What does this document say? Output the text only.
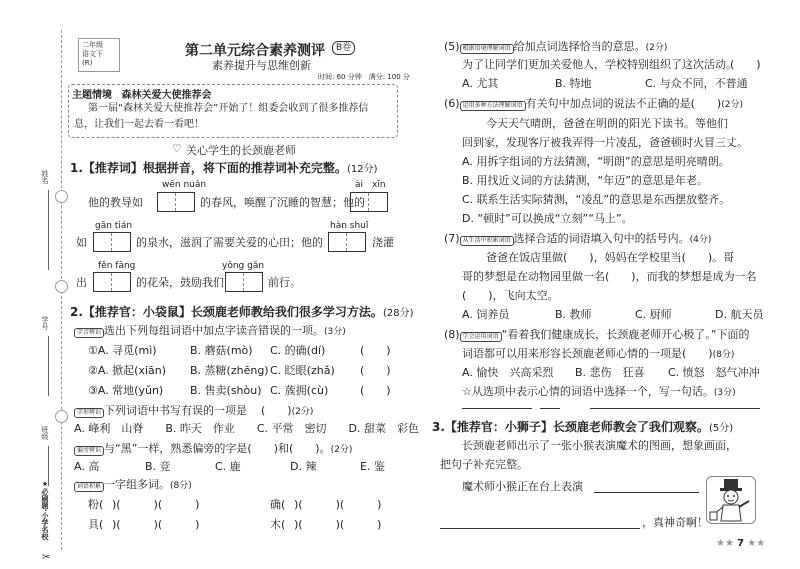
姓名
学号
班级
★必刷题·小学名校
✂
二年级
语文下
(R)
第二单元综合素养测评	B卷
素养提升与思维创新
时间: 60 分钟　满分: 100 分
主题情境 森林关爱大使推荐会
第一届“森林关爱大使推荐会”开始了！组委会收到了很多推荐信
息，让我们一起去看一看吧！
♡ 关心学生的长颈鹿老师
1.【推荐词】根据拼音，将下面的推荐词补充完整。(12分)
wēn nuǎn	ài　xīn
他的教导如	的春风，唤醒了沉睡的智慧；他的
gān tián	hàn shuǐ
如	的泉水，滋润了需要关爱的心田；他的	浇灌
fěn fāng	yǒng gǎn
出	的花朵，鼓励我们	前行。
2.【推荐官：小袋鼠】长颈鹿老师教给我们很多学习方法。(28分)
字音辨识 选出下列每组词语中加点字读音错误的一项。(3分)
①A. 寻觅(mì)	B. 蘑菇(mò) C. 的确(dí)	(　　)
②A. 掀起(xiān) B. 蒸糖(zhēng) C. 眨眼(zhǎ) (　　)
③A. 常地(yǔn) B. 售卖(shòu) C. 蔟拥(cù)	(　　)
字形辨识 下列词语中书写有误的一项是 (　　)(2分)
A. 峰利　山脊　　B. 昨天　作业　　C. 平常　密切　　D. 甜菜　彩色
偏旁辨识 与“黑”一样，熟悉偏旁的字是(　　)和(　　)。(2分)
A. 高	B. 竞	C. 鹿	D. 辣	E. 鉴
词语积累 一字组多词。(8分)
粉( )(　　　)(　　　)	确( )(　　　)(　　　)
具( )(　　　)(　　　)	木( )(　　　)(　　　)
(5) 根据语境理解词语 给加点词选择恰当的意思。(2分)
为了让同学们更加关爱他人，学校特别组织了这次活动。
(　　)
A. 尤其	B. 特地	C. 与众不同，不普通
(6) 运用多种方法理解词语 有关句中加点词的说法不正确的是(　　)(2分)
今天天气晴朗，爸爸在明朗的阳光下读书。等他们
回到家，发现客厅被我弄得一片凌乱，爸爸顿时火冒三丈。
A. 用拆字组词的方法猜测，“明朗”的意思是明亮晴朗。
B. 用找近义词的方法猜测，“年迈”的意思是年老。
C. 联系生活实际猜测，“凌乱”的意思是东西摆放整齐。
D. “顿时”可以换成“立刻”“马上”。
(7) 从生活中积累词语 选择合适的词语填入句中的括号内。(4分)
爸爸在饭店里做(　　)，妈妈在学校里当(　　)。哥
哥的梦想是在动物园里做一名(　　)，而我的梦想是成为一名
(　　)，飞向太空。
A. 饲养员	B. 教师	C. 厨师	D. 航天员
(8) 学会运用词语 “看着我们健康成长，长颈鹿老师开心极了。”下面的
词语都可以用来形容长颈鹿老师心情的一项是(　　)(8分)
A. 愉快　兴高采烈 B. 悲伤　狂喜　　 C. 愤怒　怒气冲冲
☆从选项中表示心情的词语中选择一个，写一句话。(3分)
3.【推荐官：小狮子】长颈鹿老师教会了我们观察。(5分)
长颈鹿老师出示了一张小猴表演魔术的图画，想象画面，
把句子补充完整。
魔术师小猴正在台上表演
，真神奇啊！
★★ 7 ★★
